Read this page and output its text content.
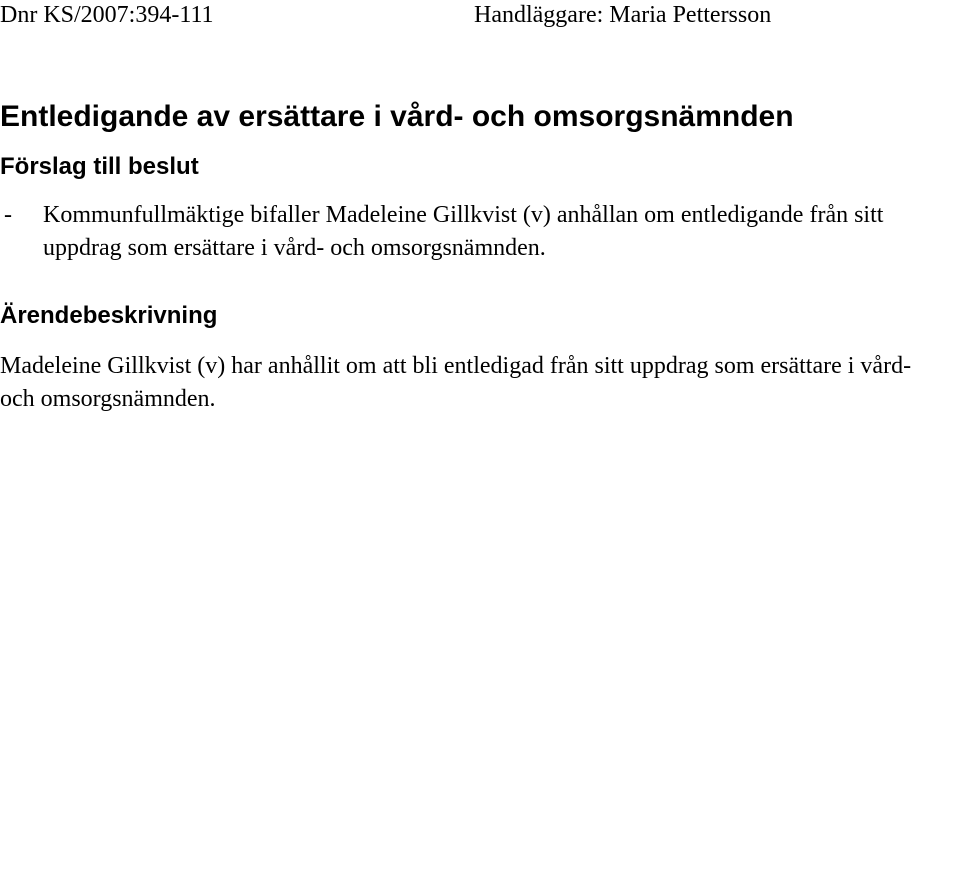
Dnr KS/2007:394-111	Handläggare: Maria Pettersson
Entledigande av ersättare i vård- och omsorgsnämnden
Förslag till beslut
- Kommunfullmäktige bifaller Madeleine Gillkvist (v) anhållan om entledigande från sitt uppdrag som ersättare i vård- och omsorgsnämnden.
Ärendebeskrivning
Madeleine Gillkvist (v) har anhållit om att bli entledigad från sitt uppdrag som ersättare i vård- och omsorgsnämnden.
